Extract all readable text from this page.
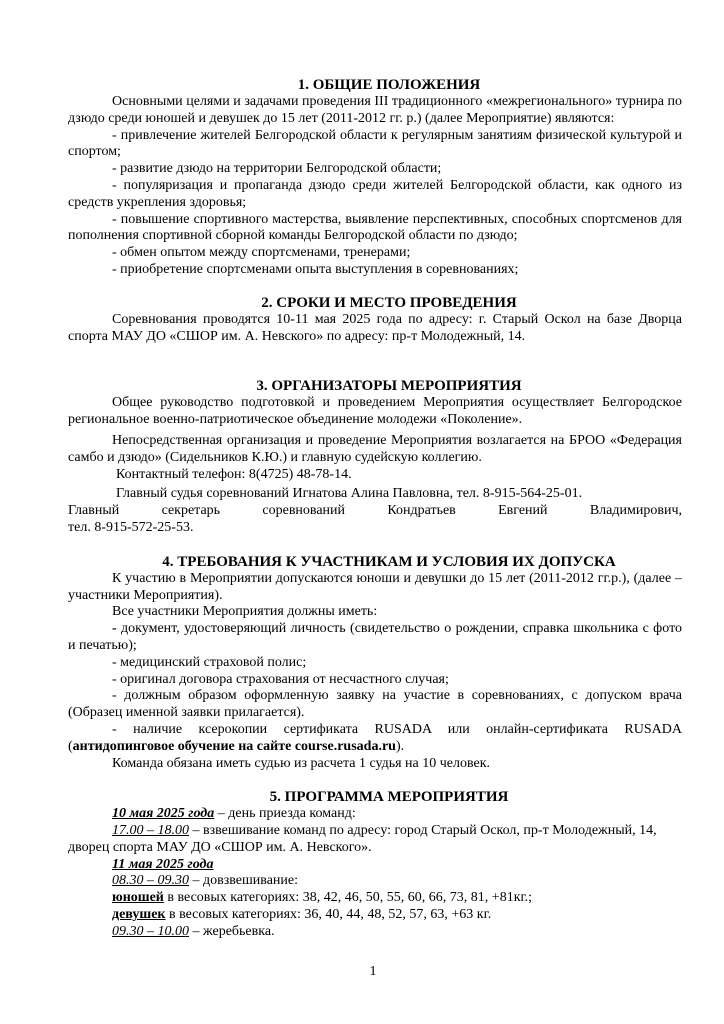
1. ОБЩИЕ ПОЛОЖЕНИЯ

Основными целями и задачами проведения III традиционного «межрегионального» турнира по дзюдо среди юношей и девушек до 15 лет (2011-2012 гг. р.) (далее Мероприятие) являются:

- привлечение жителей Белгородской области к регулярным занятиям физической культурой и спортом;

- развитие дзюдо на территории Белгородской области;

- популяризация и пропаганда дзюдо среди жителей Белгородской области, как одного из средств укрепления здоровья;

- повышение спортивного мастерства, выявление перспективных, способных спортсменов для пополнения спортивной сборной команды Белгородской области по дзюдо;

- обмен опытом между спортсменами, тренерами;

- приобретение спортсменами опыта выступления в соревнованиях;

2. СРОКИ И МЕСТО ПРОВЕДЕНИЯ

Соревнования проводятся 10-11 мая 2025 года по адресу: г. Старый Оскол на базе Дворца спорта МАУ ДО «СШОР им. А. Невского» по адресу: пр-т Молодежный, 14.

3. ОРГАНИЗАТОРЫ МЕРОПРИЯТИЯ

Общее руководство подготовкой и проведением Мероприятия осуществляет Белгородское региональное военно-патриотическое объединение молодежи «Поколение».

Непосредственная организация и проведение Мероприятия возлагается на БРОО «Федерация самбо и дзюдо» (Сидельников К.Ю.) и главную судейскую коллегию.

Контактный телефон: 8(4725) 48-78-14.

Главный судья соревнований Игнатова Алина Павловна, тел. 8-915-564-25-01.

Главный секретарь соревнований Кондратьев Евгений Владимирович,

тел. 8-915-572-25-53.

4. ТРЕБОВАНИЯ К УЧАСТНИКАМ И УСЛОВИЯ ИХ ДОПУСКА

К участию в Мероприятии допускаются юноши и девушки до 15 лет (2011-2012 гг.р.), (далее – участники Мероприятия).

Все участники Мероприятия должны иметь:

- документ, удостоверяющий личность (свидетельство о рождении, справка школьника с фото и печатью);

- медицинский страховой полис;

- оригинал договора страхования от несчастного случая;

- должным образом оформленную заявку на участие в соревнованиях, с допуском врача (Образец именной заявки прилагается).

- наличие ксерокопии сертификата RUSADA или онлайн-сертификата RUSADA

(антидопинговое обучение на сайте course.rusada.ru).

Команда обязана иметь судью из расчета 1 судья на 10 человек.

5. ПРОГРАММА МЕРОПРИЯТИЯ

10 мая 2025 года – день приезда команд:

17.00 – 18.00 – взвешивание команд по адресу: город Старый Оскол, пр-т Молодежный, 14,

дворец спорта МАУ ДО «СШОР им. А. Невского».

11 мая 2025 года

08.30 – 09.30 – довзвешивание:

юношей в весовых категориях: 38, 42, 46, 50, 55, 60, 66, 73, 81, +81кг.;

девушек в весовых категориях: 36, 40, 44, 48, 52, 57, 63, +63 кг.

09.30 – 10.00 – жеребьевка.

1
